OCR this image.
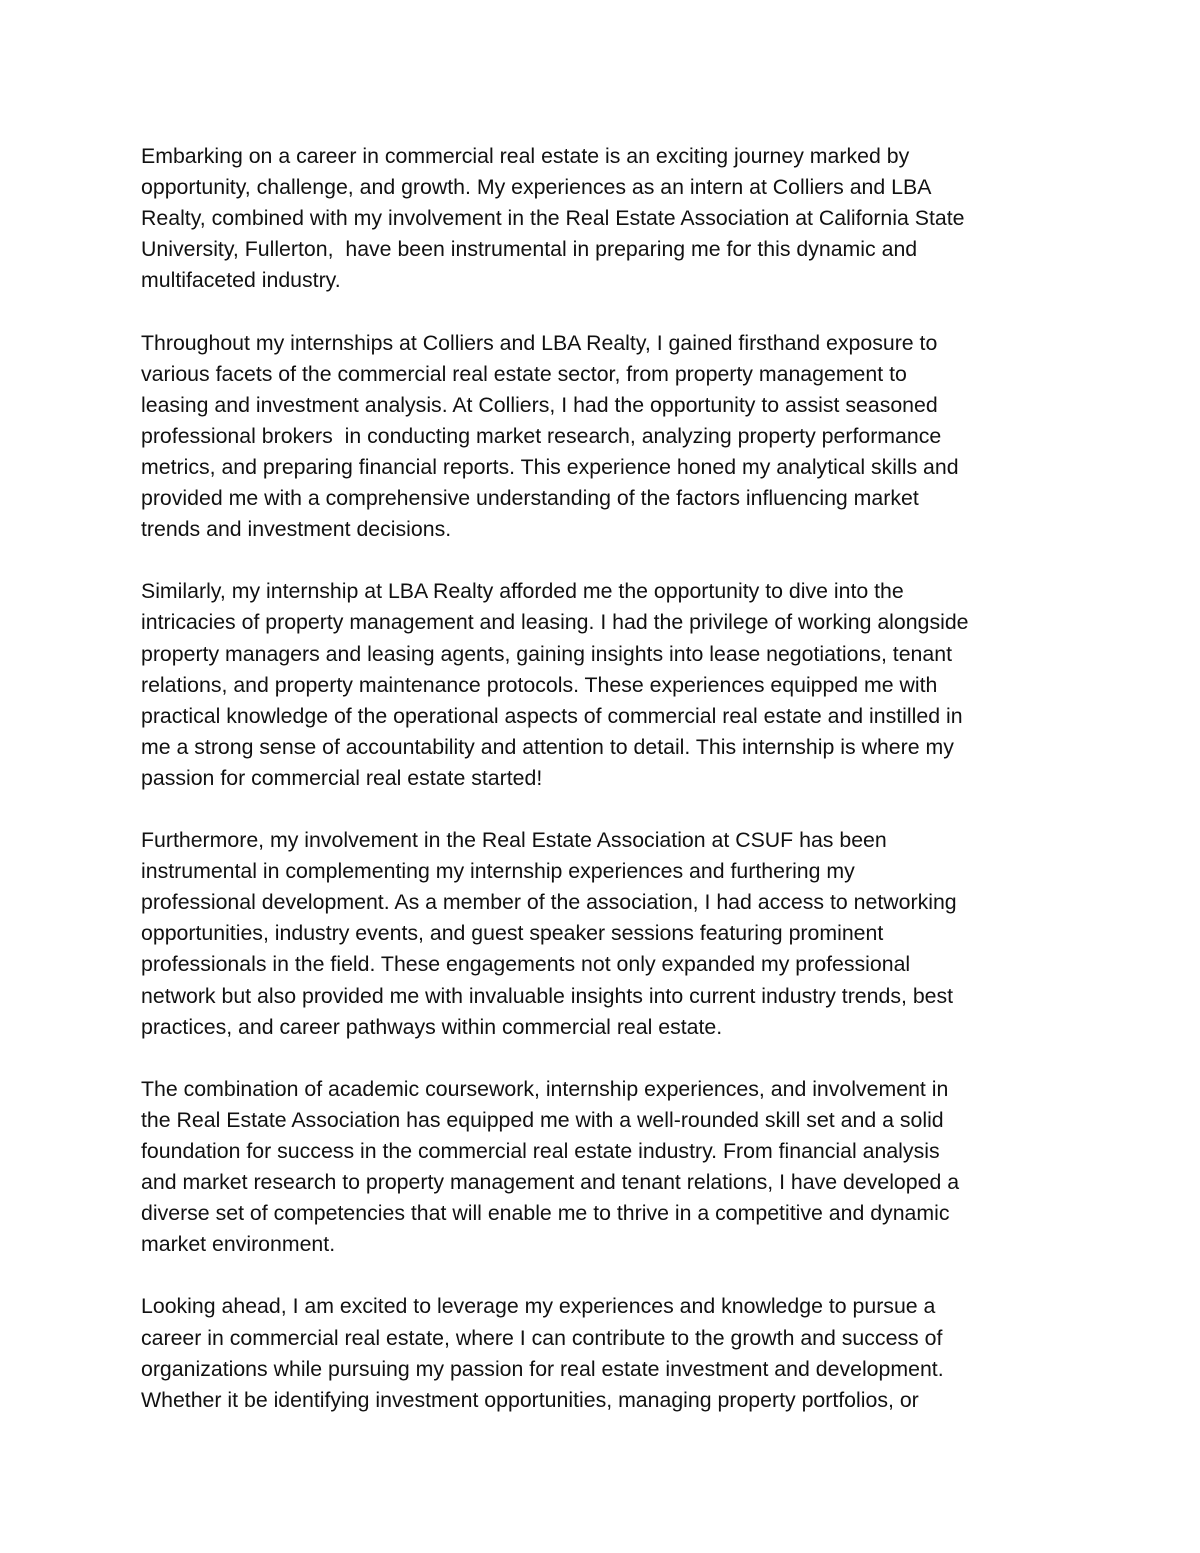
Embarking on a career in commercial real estate is an exciting journey marked by
opportunity, challenge, and growth. My experiences as an intern at Colliers and LBA
Realty, combined with my involvement in the Real Estate Association at California State
University, Fullerton,  have been instrumental in preparing me for this dynamic and
multifaceted industry.
Throughout my internships at Colliers and LBA Realty, I gained firsthand exposure to
various facets of the commercial real estate sector, from property management to
leasing and investment analysis. At Colliers, I had the opportunity to assist seasoned
professional brokers  in conducting market research, analyzing property performance
metrics, and preparing financial reports. This experience honed my analytical skills and
provided me with a comprehensive understanding of the factors influencing market
trends and investment decisions.
Similarly, my internship at LBA Realty afforded me the opportunity to dive into the
intricacies of property management and leasing. I had the privilege of working alongside
property managers and leasing agents, gaining insights into lease negotiations, tenant
relations, and property maintenance protocols. These experiences equipped me with
practical knowledge of the operational aspects of commercial real estate and instilled in
me a strong sense of accountability and attention to detail. This internship is where my
passion for commercial real estate started!
Furthermore, my involvement in the Real Estate Association at CSUF has been
instrumental in complementing my internship experiences and furthering my
professional development. As a member of the association, I had access to networking
opportunities, industry events, and guest speaker sessions featuring prominent
professionals in the field. These engagements not only expanded my professional
network but also provided me with invaluable insights into current industry trends, best
practices, and career pathways within commercial real estate.
The combination of academic coursework, internship experiences, and involvement in
the Real Estate Association has equipped me with a well-rounded skill set and a solid
foundation for success in the commercial real estate industry. From financial analysis
and market research to property management and tenant relations, I have developed a
diverse set of competencies that will enable me to thrive in a competitive and dynamic
market environment.
Looking ahead, I am excited to leverage my experiences and knowledge to pursue a
career in commercial real estate, where I can contribute to the growth and success of
organizations while pursuing my passion for real estate investment and development.
Whether it be identifying investment opportunities, managing property portfolios, or
